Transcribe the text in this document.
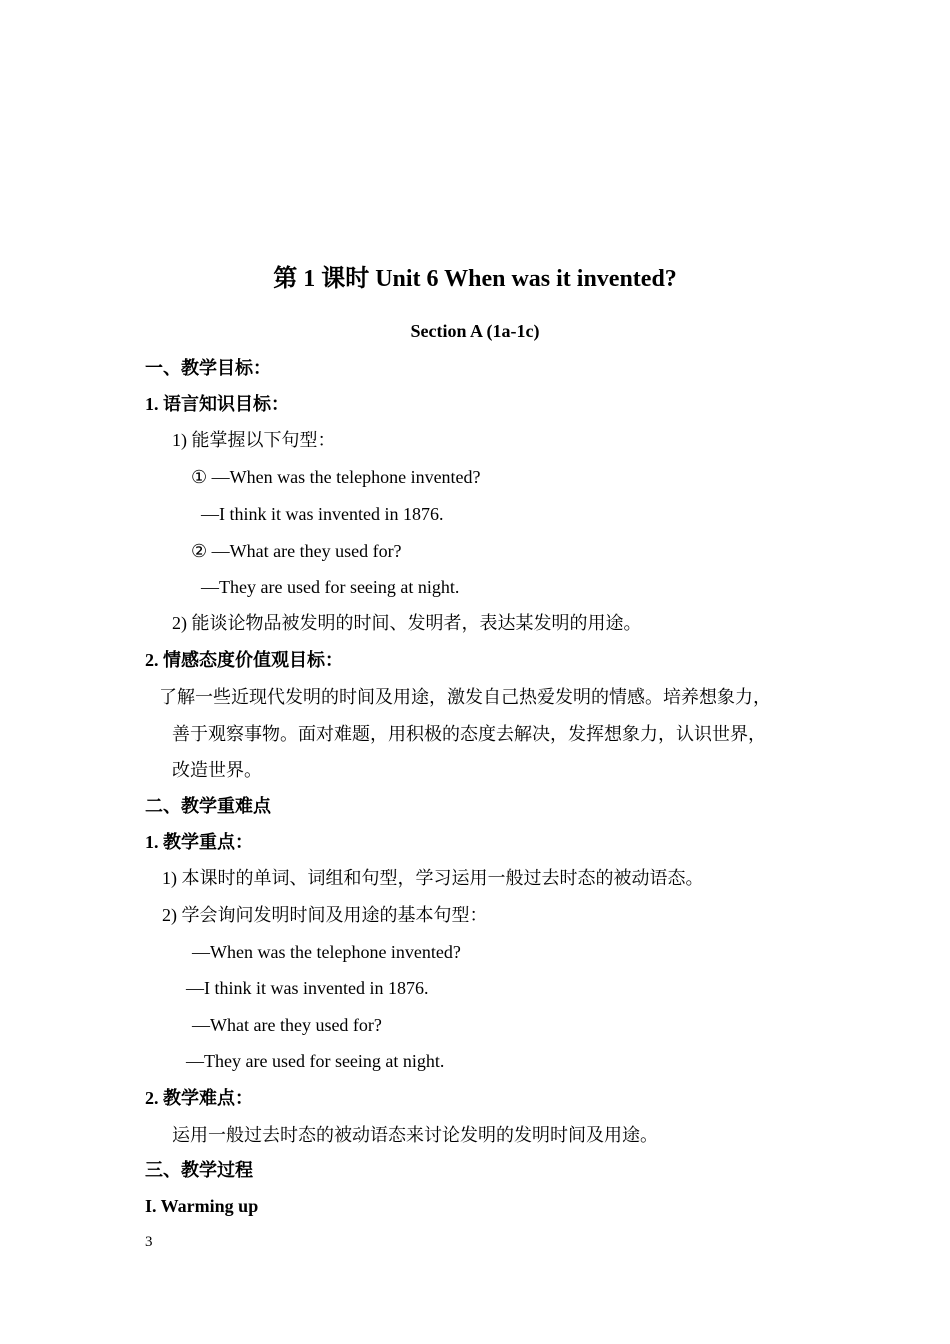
第 1 课时 Unit 6 When was it invented?
Section A (1a-1c)
一、教学目标：
1. 语言知识目标：
1) 能掌握以下句型：
① —When was the telephone invented?
—I think it was invented in 1876.
② —What are they used for?
—They are used for seeing at night.
2) 能谈论物品被发明的时间、发明者，表达某发明的用途。
2. 情感态度价值观目标：
了解一些近现代发明的时间及用途，激发自己热爱发明的情感。培养想象力，
善于观察事物。面对难题，用积极的态度去解决，发挥想象力，认识世界，
改造世界。
二、教学重难点
1. 教学重点：
1) 本课时的单词、词组和句型，学习运用一般过去时态的被动语态。
2) 学会询问发明时间及用途的基本句型：
—When was the telephone invented?
—I think it was invented in 1876.
—What are they used for?
—They are used for seeing at night.
2. 教学难点：
运用一般过去时态的被动语态来讨论发明的发明时间及用途。
三、教学过程
I. Warming up
3
